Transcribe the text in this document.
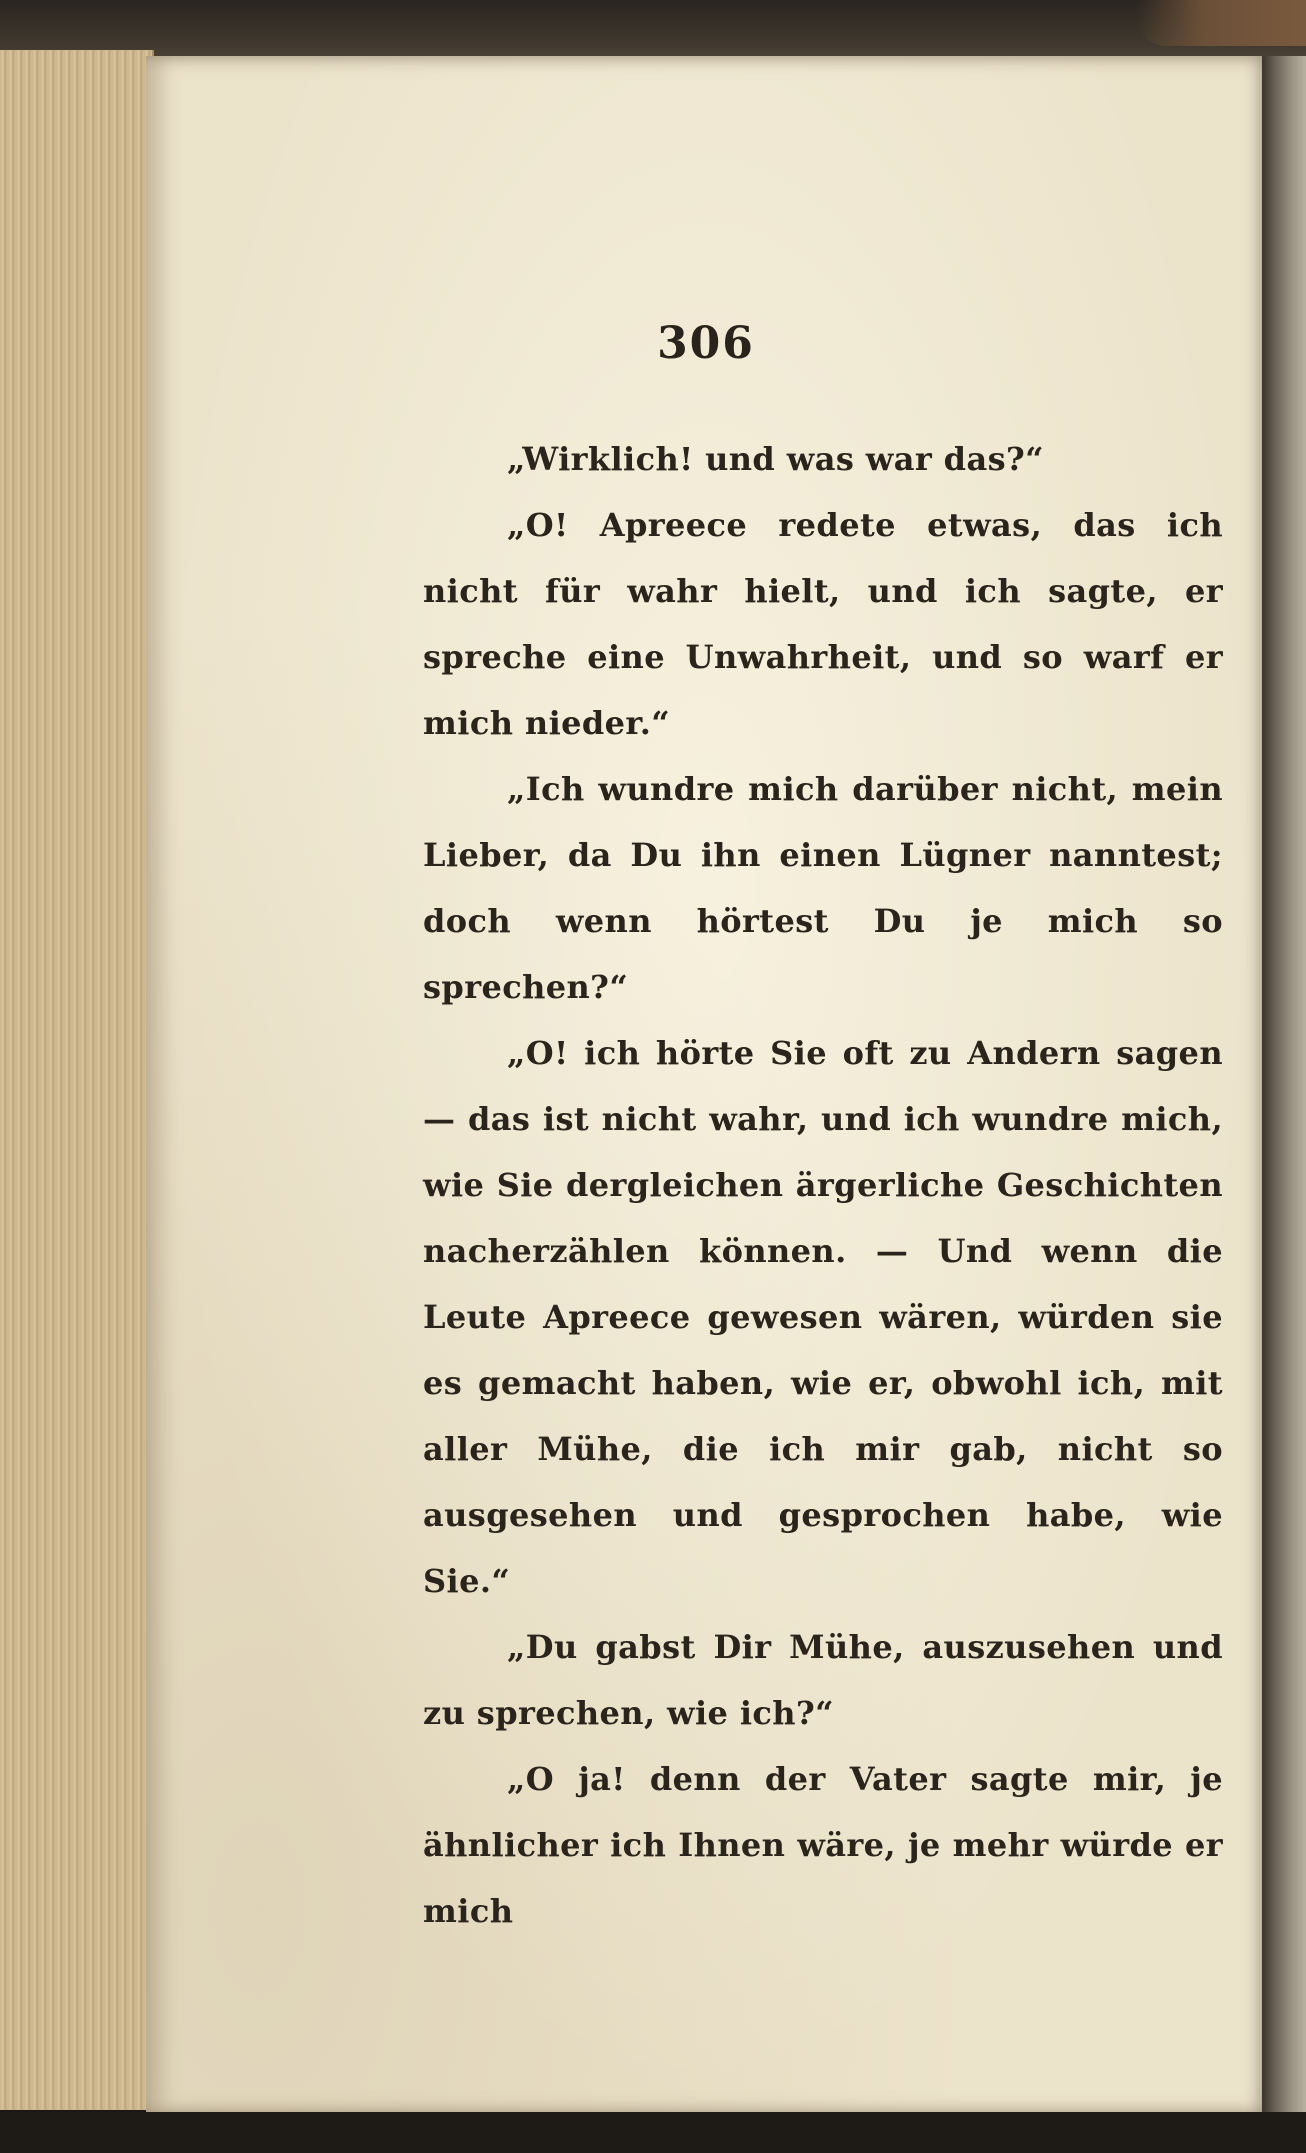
306

„Wirklich! und was war das?“

„O! Apreece redete etwas, das ich nicht für wahr hielt, und ich sagte, er spreche eine Unwahrheit, und so warf er mich nieder.“

„Ich wundre mich darüber nicht, mein Lieber, da Du ihn einen Lügner nanntest; doch wenn hörtest Du je mich so sprechen?“

„O! ich hörte Sie oft zu Andern sagen — das ist nicht wahr, und ich wundre mich, wie Sie dergleichen ärgerliche Geschichten nacherzählen können. — Und wenn die Leute Apreece gewesen wären, würden sie es gemacht haben, wie er, obwohl ich, mit aller Mühe, die ich mir gab, nicht so ausgesehen und gesprochen habe, wie Sie.“

„Du gabst Dir Mühe, auszusehen und zu sprechen, wie ich?“

„O ja! denn der Vater sagte mir, je ähnlicher ich Ihnen wäre, je mehr würde er mich
